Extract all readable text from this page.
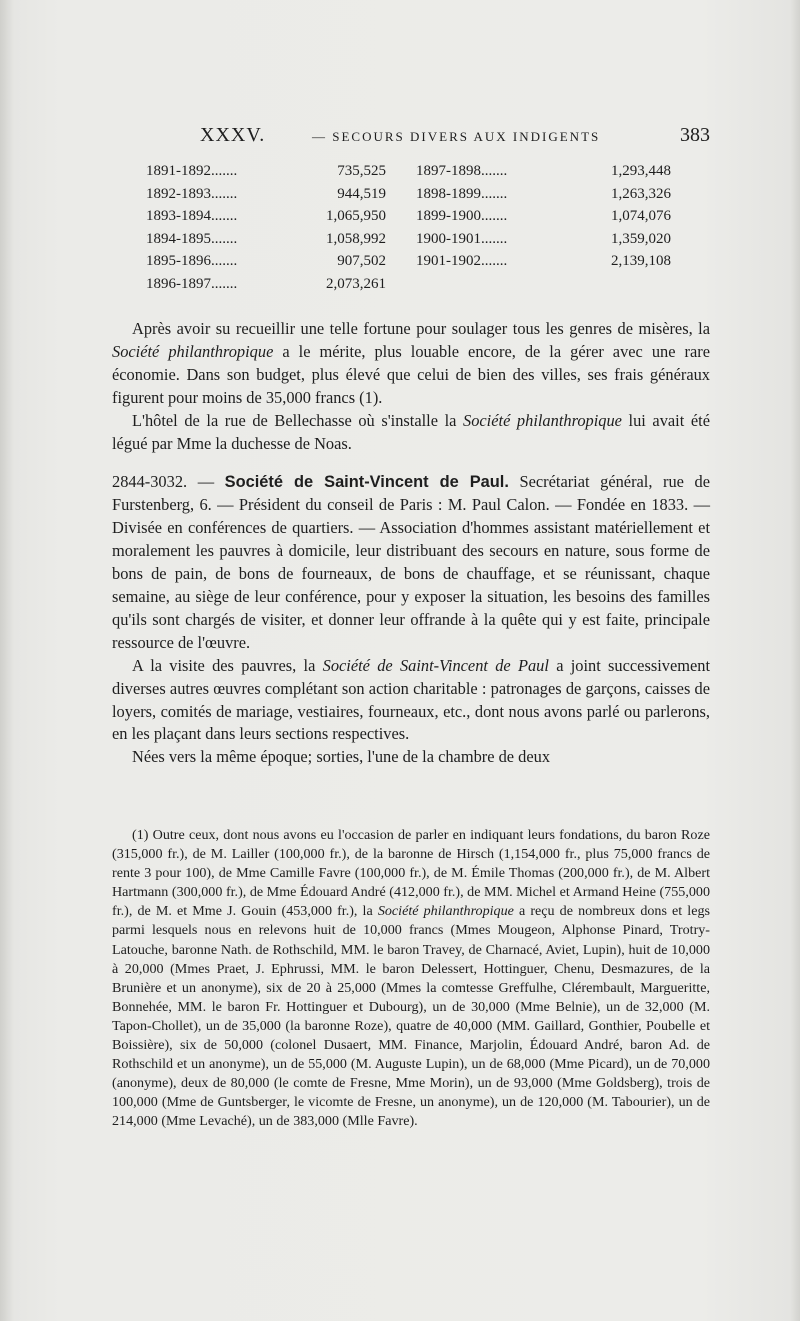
XXXV.	— SECOURS DIVERS AUX INDIGENTS	383
1891-1892.......	735,525 1897-1898.......	1,293,448
1892-1893.......	944,519 1898-1899.......	1,263,326
1893-1894.......	1,065,950 1899-1900.......	1,074,076
1894-1895.......	1,058,992 1900-1901.......	1,359,020
1895-1896.......	907,502 1901-1902.......	2,139,108
1896-1897.......	2,073,261

Après avoir su recueillir une telle fortune pour soulager tous les genres de misères, la Société philanthropique a le mérite, plus louable encore, de la gérer avec une rare économie. Dans son budget, plus élevé que celui de bien des villes, ses frais généraux figurent pour moins de 35,000 francs (1).

L'hôtel de la rue de Bellechasse où s'installe la Société philanthropique lui avait été légué par Mme la duchesse de Noas.

2844-3032. — Société de Saint-Vincent de Paul. Secrétariat général, rue de Furstenberg, 6. — Président du conseil de Paris : M. Paul Calon. — Fondée en 1833. — Divisée en conférences de quartiers. — Association d'hommes assistant matériellement et moralement les pauvres à domicile, leur distribuant des secours en nature, sous forme de bons de pain, de bons de fourneaux, de bons de chauffage, et se réunissant, chaque semaine, au siège de leur conférence, pour y exposer la situation, les besoins des familles qu'ils sont chargés de visiter, et donner leur offrande à la quête qui y est faite, principale ressource de l'œuvre.

A la visite des pauvres, la Société de Saint-Vincent de Paul a joint successivement diverses autres œuvres complétant son action charitable : patronages de garçons, caisses de loyers, comités de mariage, vestiaires, fourneaux, etc., dont nous avons parlé ou parlerons, en les plaçant dans leurs sections respectives.

Nées vers la même époque; sorties, l'une de la chambre de deux

(1) Outre ceux, dont nous avons eu l'occasion de parler en indiquant leurs fondations, du baron Roze (315,000 fr.), de M. Lailler (100,000 fr.), de la baronne de Hirsch (1,154,000 fr., plus 75,000 francs de rente 3 pour 100), de Mme Camille Favre (100,000 fr.), de M. Émile Thomas (200,000 fr.), de M. Albert Hartmann (300,000 fr.), de Mme Édouard André (412,000 fr.), de MM. Michel et Armand Heine (755,000 fr.), de M. et Mme J. Gouin (453,000 fr.), la Société philanthropique a reçu de nombreux dons et legs parmi lesquels nous en relevons huit de 10,000 francs (Mmes Mougeon, Alphonse Pinard, Trotry-Latouche, baronne Nath. de Rothschild, MM. le baron Travey, de Charnacé, Aviet, Lupin), huit de 10,000 à 20,000 (Mmes Praet, J. Ephrussi, MM. le baron Delessert, Hottinguer, Chenu, Desmazures, de la Brunière et un anonyme), six de 20 à 25,000 (Mmes la comtesse Greffulhe, Clérembault, Margueritte, Bonnehée, MM. le baron Fr. Hottinguer et Dubourg), un de 30,000 (Mme Belnie), un de 32,000 (M. Tapon-Chollet), un de 35,000 (la baronne Roze), quatre de 40,000 (MM. Gaillard, Gonthier, Poubelle et Boissière), six de 50,000 (colonel Dusaert, MM. Finance, Marjolin, Édouard André, baron Ad. de Rothschild et un anonyme), un de 55,000 (M. Auguste Lupin), un de 68,000 (Mme Picard), un de 70,000 (anonyme), deux de 80,000 (le comte de Fresne, Mme Morin), un de 93,000 (Mme Goldsberg), trois de 100,000 (Mme de Guntsberger, le vicomte de Fresne, un anonyme), un de 120,000 (M. Tabourier), un de 214,000 (Mme Levaché), un de 383,000 (Mlle Favre).
